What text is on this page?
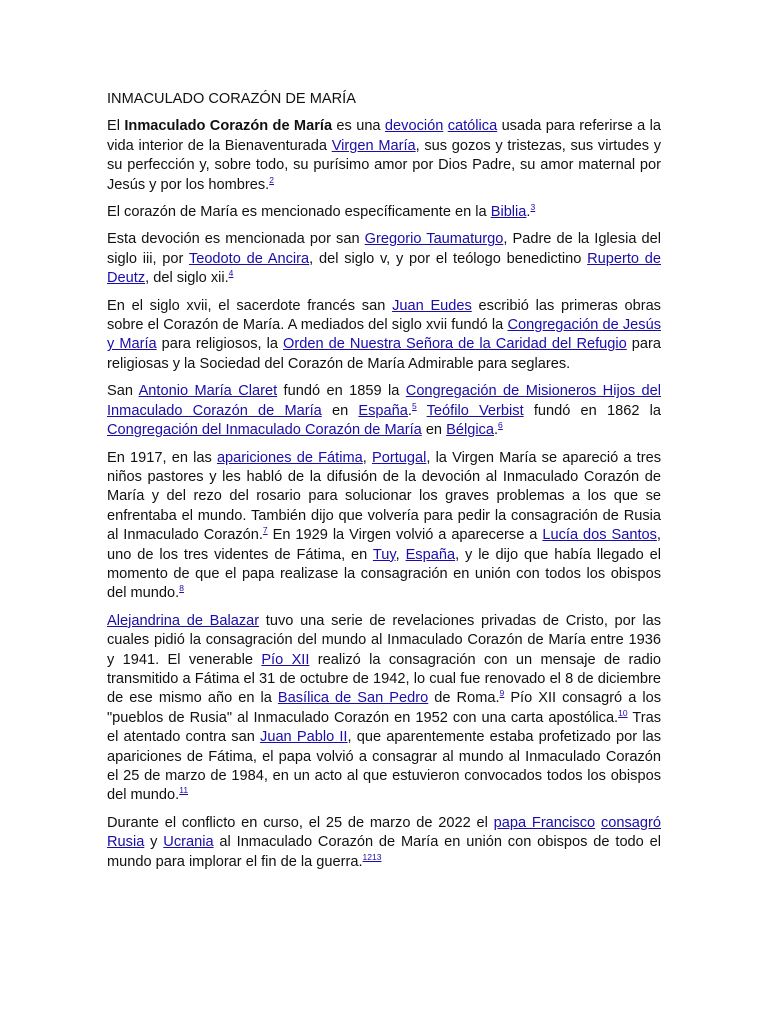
INMACULADO CORAZÓN DE MARÍA

El Inmaculado Corazón de María es una devoción católica usada para referirse a la vida interior de la Bienaventurada Virgen María, sus gozos y tristezas, sus virtudes y su perfección y, sobre todo, su purísimo amor por Dios Padre, su amor maternal por Jesús y por los hombres.$^2$

El corazón de María es mencionado específicamente en la Biblia.$^3$

Esta devoción es mencionada por san Gregorio Taumaturgo, Padre de la Iglesia del siglo iii, por Teodoto de Ancira, del siglo v, y por el teólogo benedictino Ruperto de Deutz, del siglo xii.$^4$

En el siglo xvii, el sacerdote francés san Juan Eudes escribió las primeras obras sobre el Corazón de María. A mediados del siglo xvii fundó la Congregación de Jesús y María para religiosos, la Orden de Nuestra Señora de la Caridad del Refugio para religiosas y la Sociedad del Corazón de María Admirable para seglares.

San Antonio María Claret fundó en 1859 la Congregación de Misioneros Hijos del Inmaculado Corazón de María en España.$^5$ Teófilo Verbist fundó en 1862 la Congregación del Inmaculado Corazón de María en Bélgica.$^6$

En 1917, en las apariciones de Fátima, Portugal, la Virgen María se apareció a tres niños pastores y les habló de la difusión de la devoción al Inmaculado Corazón de María y del rezo del rosario para solucionar los graves problemas a los que se enfrentaba el mundo. También dijo que volvería para pedir la consagración de Rusia al Inmaculado Corazón.$^7$ En 1929 la Virgen volvió a aparecerse a Lucía dos Santos, uno de los tres videntes de Fátima, en Tuy, España, y le dijo que había llegado el momento de que el papa realizase la consagración en unión con todos los obispos del mundo.$^8$

Alejandrina de Balazar tuvo una serie de revelaciones privadas de Cristo, por las cuales pidió la consagración del mundo al Inmaculado Corazón de María entre 1936 y 1941. El venerable Pío XII realizó la consagración con un mensaje de radio transmitido a Fátima el 31 de octubre de 1942, lo cual fue renovado el 8 de diciembre de ese mismo año en la Basílica de San Pedro de Roma.$^9$ Pío XII consagró a los "pueblos de Rusia" al Inmaculado Corazón en 1952 con una carta apostólica.$^{10}$ Tras el atentado contra san Juan Pablo II, que aparentemente estaba profetizado por las apariciones de Fátima, el papa volvió a consagrar al mundo al Inmaculado Corazón el 25 de marzo de 1984, en un acto al que estuvieron convocados todos los obispos del mundo.$^{11}$

Durante el conflicto en curso, el 25 de marzo de 2022 el papa Francisco consagró Rusia y Ucrania al Inmaculado Corazón de María en unión con obispos de todo el mundo para implorar el fin de la guerra.$^{1213}$
